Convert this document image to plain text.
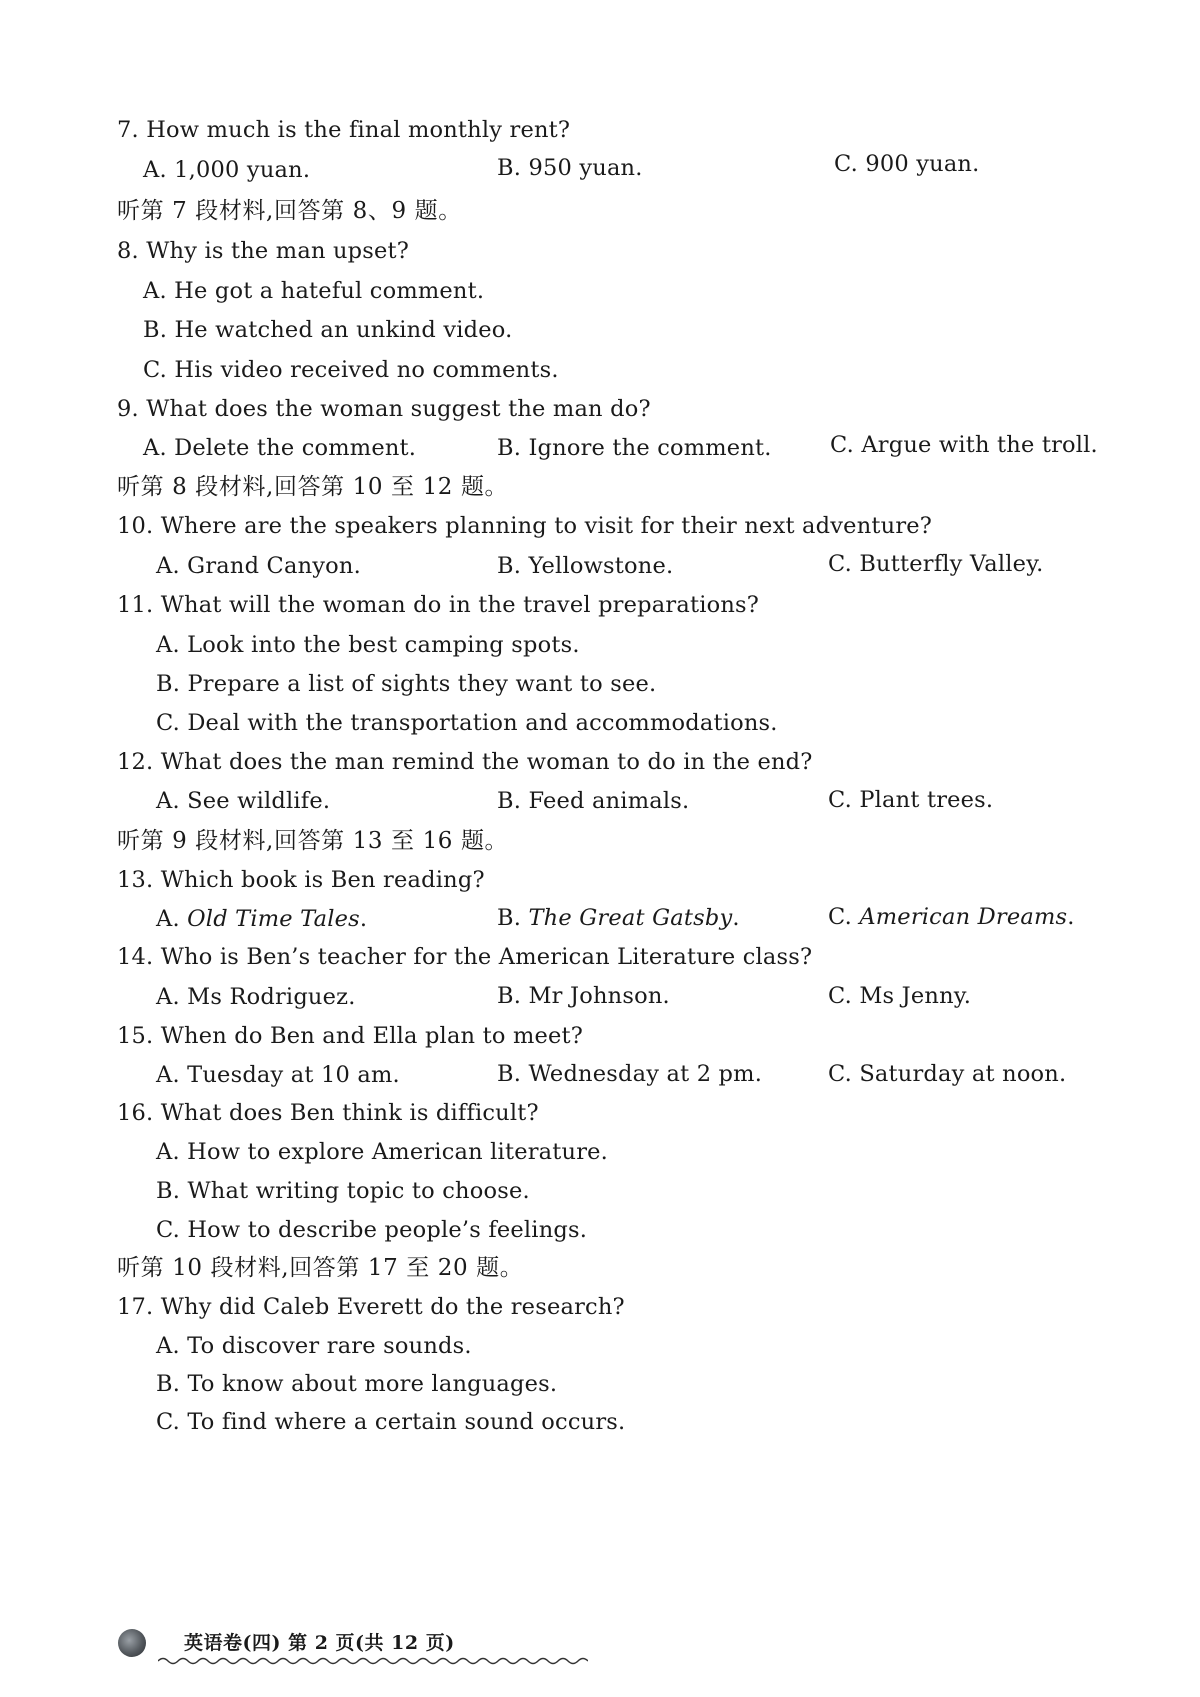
7. How much is the final monthly rent?
A. 1,000 yuan.	B. 950 yuan.	C. 900 yuan.
听第 7 段材料,回答第 8、9 题。
8. Why is the man upset?
A. He got a hateful comment.
B. He watched an unkind video.
C. His video received no comments.
9. What does the woman suggest the man do?
A. Delete the comment.	B. Ignore the comment.	C. Argue with the troll.
听第 8 段材料,回答第 10 至 12 题。
10. Where are the speakers planning to visit for their next adventure?
A. Grand Canyon.	B. Yellowstone.	C. Butterfly Valley.
11. What will the woman do in the travel preparations?
A. Look into the best camping spots.
B. Prepare a list of sights they want to see.
C. Deal with the transportation and accommodations.
12. What does the man remind the woman to do in the end?
A. See wildlife.	B. Feed animals.	C. Plant trees.
听第 9 段材料,回答第 13 至 16 题。
13. Which book is Ben reading?
A. Old Time Tales.	B. The Great Gatsby.	C. American Dreams.
14. Who is Ben’s teacher for the American Literature class?
A. Ms Rodriguez.	B. Mr Johnson.	C. Ms Jenny.
15. When do Ben and Ella plan to meet?
A. Tuesday at 10 am.	B. Wednesday at 2 pm.	C. Saturday at noon.
16. What does Ben think is difficult?
A. How to explore American literature.
B. What writing topic to choose.
C. How to describe people’s feelings.
听第 10 段材料,回答第 17 至 20 题。
17. Why did Caleb Everett do the research?
A. To discover rare sounds.
B. To know about more languages.
C. To find where a certain sound occurs.
英语卷(四) 第 2 页(共 12 页)
